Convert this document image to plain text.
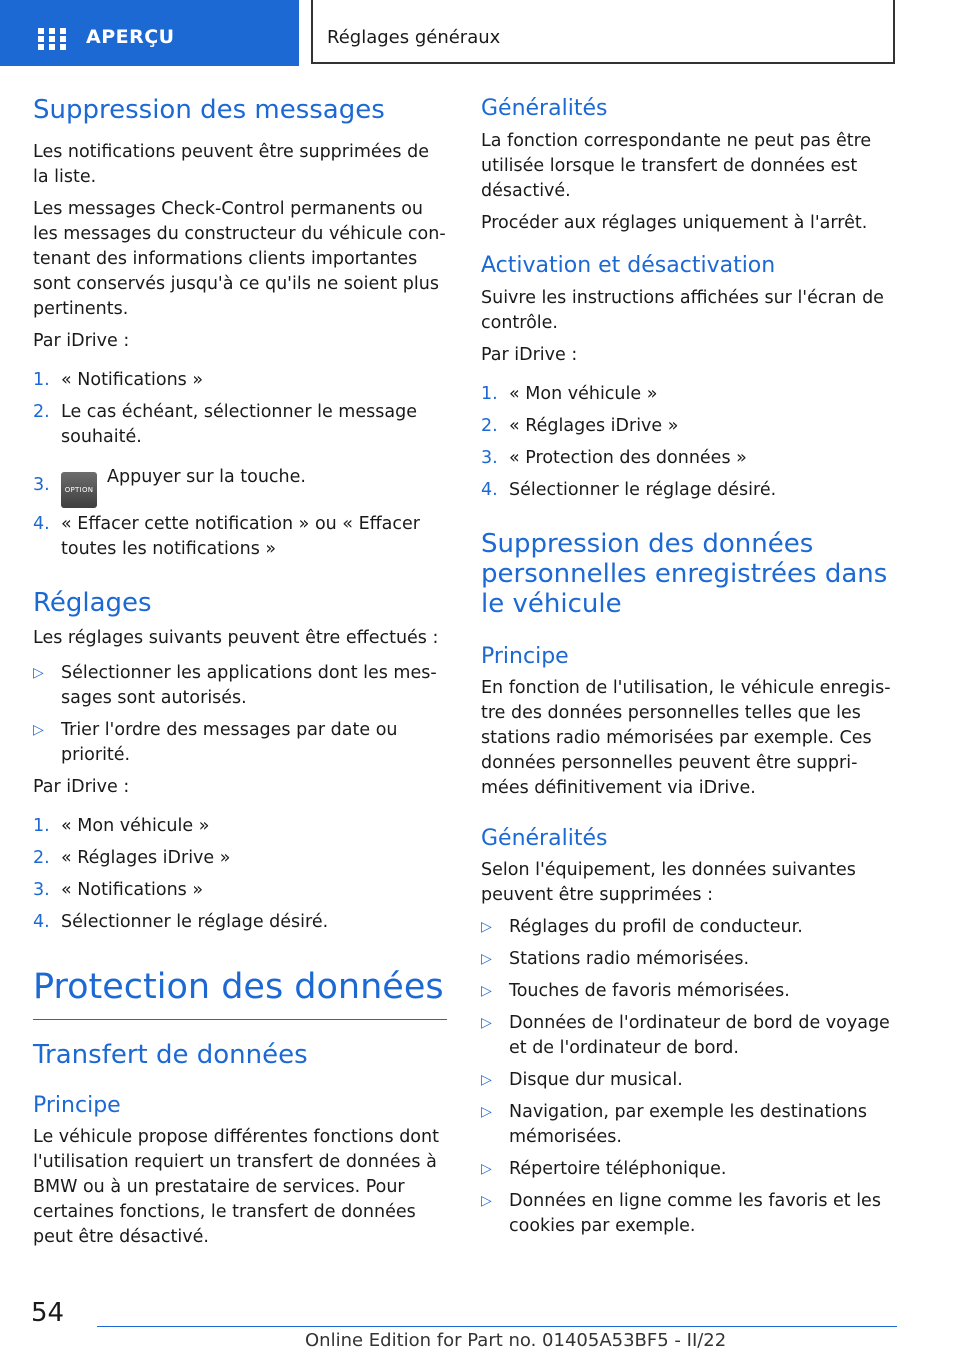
APERÇU	Réglages généraux
Suppression des messages

Les notifications peuvent être supprimées de la liste.

Les messages Check-Control permanents ou les messages du constructeur du véhicule con‐tenant des informations clients importantes sont conservés jusqu'à ce qu'ils ne soient plus pertinents.

Par iDrive :

1. « Notifications »
2. Le cas échéant, sélectionner le message souhaité.
3. OPTIONAppuyer sur la touche.
4. « Effacer cette notification » ou « Effacer toutes les notifications »
Réglages

Les réglages suivants peuvent être effectués :

▷ Sélectionner les applications dont les mes‐sages sont autorisés.
▷ Trier l'ordre des messages par date ou priorité.

Par iDrive :

1. « Mon véhicule »
2. « Réglages iDrive »
3. « Notifications »
4. Sélectionner le réglage désiré.
Protection des données
Transfert de données
Principe

Le véhicule propose différentes fonctions dont l'utilisation requiert un transfert de données à BMW ou à un prestataire de services. Pour certaines fonctions, le transfert de données peut être désactivé.

Généralités

La fonction correspondante ne peut pas être utilisée lorsque le transfert de données est désactivé.

Procéder aux réglages uniquement à l'arrêt.

Activation et désactivation

Suivre les instructions affichées sur l'écran de contrôle.

Par iDrive :

1. « Mon véhicule »
2. « Réglages iDrive »
3. « Protection des données »
4. Sélectionner le réglage désiré.
Suppression des données personnelles enregistrées dans le véhicule
Principe

En fonction de l'utilisation, le véhicule enregis‐tre des données personnelles telles que les stations radio mémorisées par exemple. Ces données personnelles peuvent être suppri‐mées définitivement via iDrive.

Généralités

Selon l'équipement, les données suivantes peuvent être supprimées :

▷ Réglages du profil de conducteur.
▷ Stations radio mémorisées.
▷ Touches de favoris mémorisées.
▷ Données de l'ordinateur de bord de voyage et de l'ordinateur de bord.
▷ Disque dur musical.
▷ Navigation, par exemple les destinations mémorisées.
▷ Répertoire téléphonique.
▷ Données en ligne comme les favoris et les cookies par exemple.
54
Online Edition for Part no. 01405A53BF5 - II/22
